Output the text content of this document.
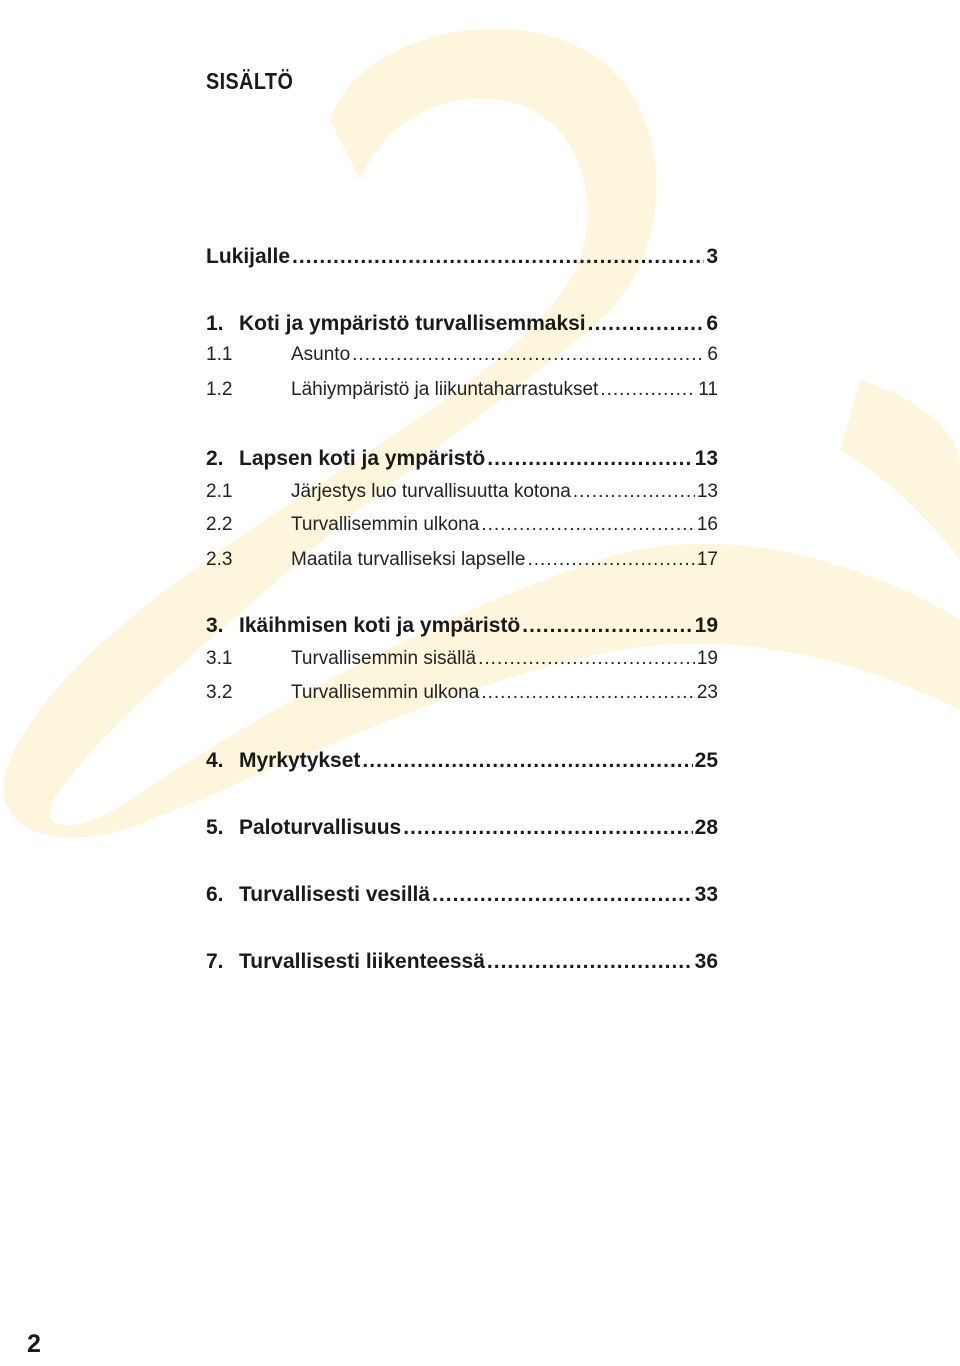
SISÄLTÖ
Lukijalle .....	3
1. Koti ja ympäristö turvallisemmaksi .....	6
1.1	Asunto .....	6
1.2	Lähiympäristö ja liikuntaharrastukset .....	11
2. Lapsen koti ja ympäristö .....	13
2.1	Järjestys luo turvallisuutta kotona .....	13
2.2	Turvallisemmin ulkona .....	16
2.3	Maatila turvalliseksi lapselle .....	17
3. Ikäihmisen koti ja ympäristö .....	19
3.1	Turvallisemmin sisällä .....	19
3.2	Turvallisemmin ulkona .....	23
4. Myrkytykset .....	25
5. Paloturvallisuus .....	28
6. Turvallisesti vesillä .....	33
7. Turvallisesti liikenteessä .....	36
2
